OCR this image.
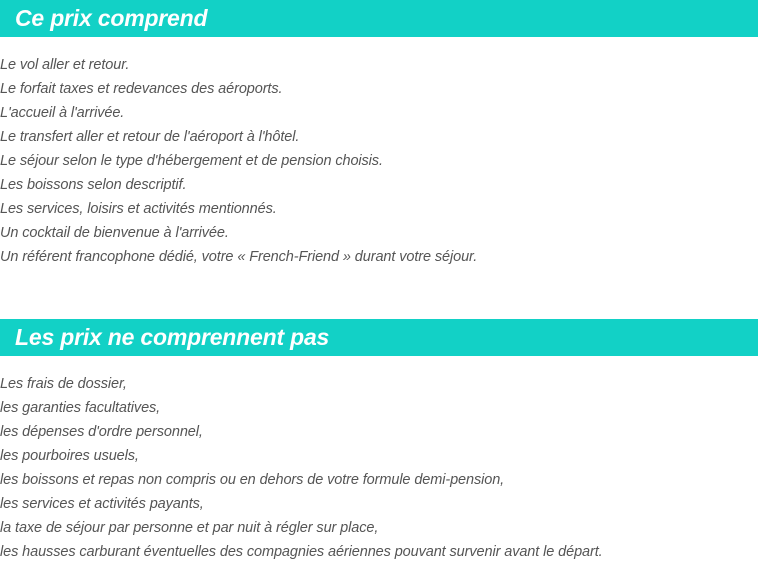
Ce prix comprend
Le vol aller et retour.
Le forfait taxes et redevances des aéroports.
L'accueil à l'arrivée.
Le transfert aller et retour de l'aéroport à l'hôtel.
Le séjour selon le type d'hébergement et de pension choisis.
Les boissons selon descriptif.
Les services, loisirs et activités mentionnés.
Un cocktail de bienvenue à l'arrivée.
Un référent francophone dédié, votre « French-Friend » durant votre séjour.
Les prix ne comprennent pas
Les frais de dossier,
les garanties facultatives,
les dépenses d'ordre personnel,
les pourboires usuels,
les boissons et repas non compris ou en dehors de votre formule demi-pension,
les services et activités payants,
la taxe de séjour par personne et par nuit à régler sur place,
les hausses carburant éventuelles des compagnies aériennes pouvant survenir avant le départ.
